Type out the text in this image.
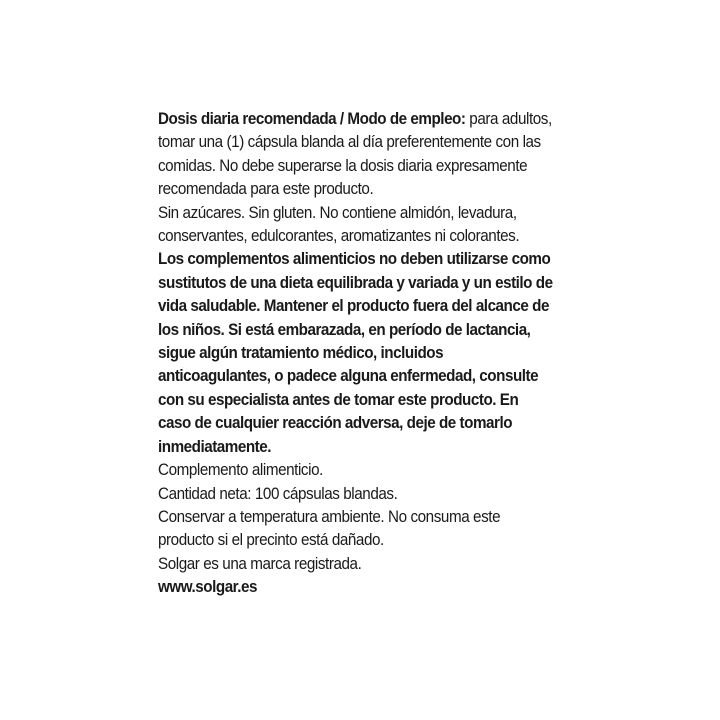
Dosis diaria recomendada / Modo de empleo: para adultos, tomar una (1) cápsula blanda al día preferentemente con las comidas. No debe superarse la dosis diaria expresamente recomendada para este producto.

Sin azúcares. Sin gluten. No contiene almidón, levadura, conservantes, edulcorantes, aromatizantes ni colorantes.

Los complementos alimenticios no deben utilizarse como sustitutos de una dieta equilibrada y variada y un estilo de vida saludable. Mantener el producto fuera del alcance de los niños. Si está embarazada, en período de lactancia, sigue algún tratamiento médico, incluidos anticoagulantes, o padece alguna enfermedad, consulte con su especialista antes de tomar este producto. En caso de cualquier reacción adversa, deje de tomarlo inmediatamente.

Complemento alimenticio.

Cantidad neta: 100 cápsulas blandas.

Conservar a temperatura ambiente. No consuma este producto si el precinto está dañado.

Solgar es una marca registrada.

www.solgar.es
